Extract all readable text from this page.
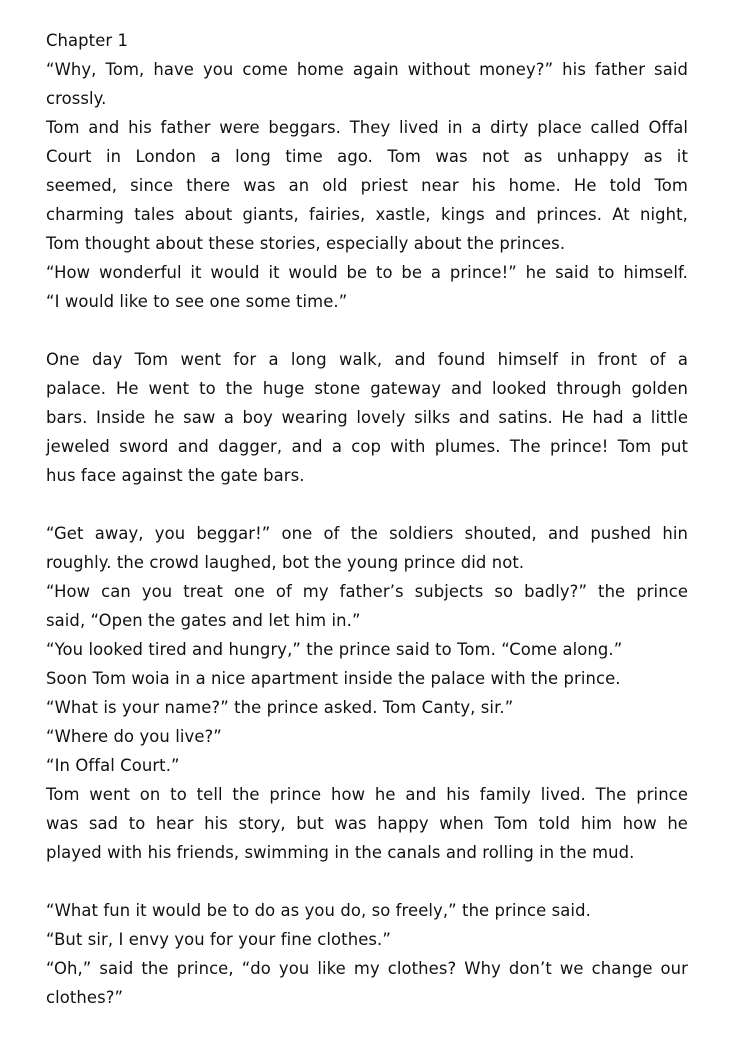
Chapter 1
“Why, Tom, have you come home again without money?” his father said
crossly.
Tom and his father were beggars. They lived in a dirty place called Offal
Court in London a long time ago. Tom was not as unhappy as it
seemed, since there was an old priest near his home. He told Tom
charming tales about giants, fairies, xastle, kings and princes. At night,
Tom thought about these stories, especially about the princes.
“How wonderful it would it would be to be a prince!” he said to himself.
“I would like to see one some time.”
One day Tom went for a long walk, and found himself in front of a
palace. He went to the huge stone gateway and looked through golden
bars. Inside he saw a boy wearing lovely silks and satins. He had a little
jeweled sword and dagger, and a cop with plumes. The prince! Tom put
hus face against the gate bars.
“Get away, you beggar!” one of the soldiers shouted, and pushed hin
roughly. the crowd laughed, bot the young prince did not.
“How can you treat one of my father’s subjects so badly?” the prince
said, “Open the gates and let him in.”
“You looked tired and hungry,” the prince said to Tom. “Come along.”
Soon Tom woia in a nice apartment inside the palace with the prince.
“What is your name?” the prince asked. Tom Canty, sir.”
“Where do you live?”
“In Offal Court.”
Tom went on to tell the prince how he and his family lived. The prince
was sad to hear his story, but was happy when Tom told him how he
played with his friends, swimming in the canals and rolling in the mud.
“What fun it would be to do as you do, so freely,” the prince said.
“But sir, I envy you for your fine clothes.”
“Oh,” said the prince, “do you like my clothes? Why don’t we change our
clothes?”
